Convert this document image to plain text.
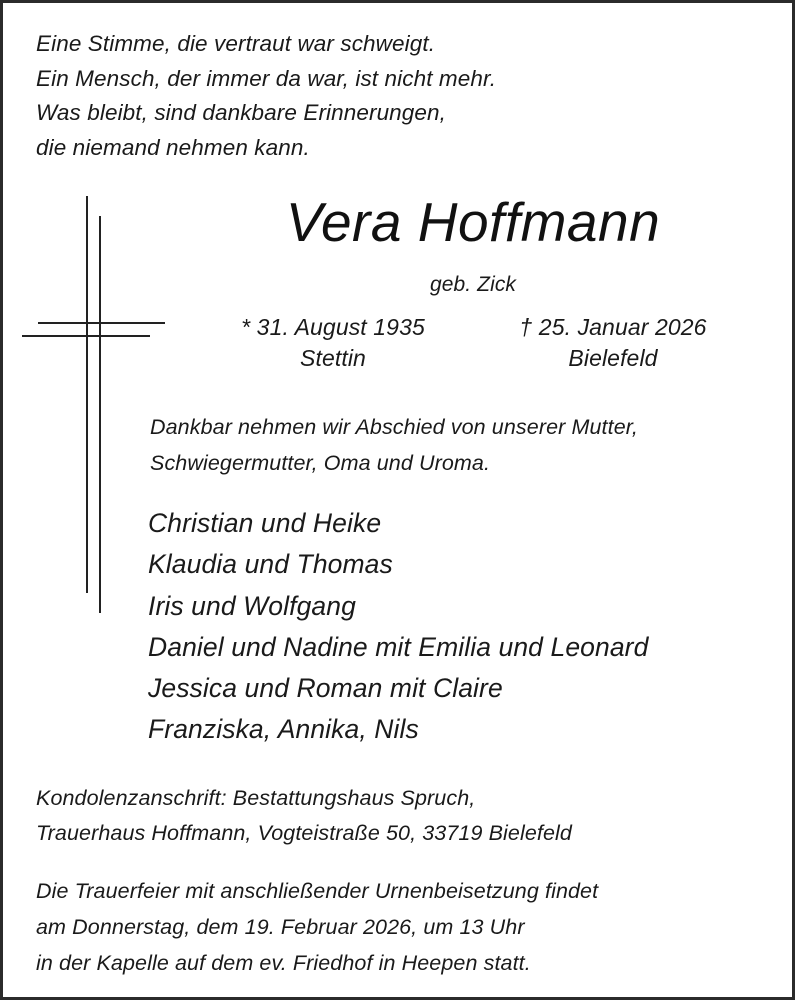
Eine Stimme, die vertraut war schweigt.
Ein Mensch, der immer da war, ist nicht mehr.
Was bleibt, sind dankbare Erinnerungen,
die niemand nehmen kann.
Vera Hoffmann
geb. Zick
* 31. August 1935
Stettin
† 25. Januar 2026
Bielefeld
Dankbar nehmen wir Abschied von unserer Mutter,
Schwiegermutter, Oma und Uroma.
Christian und Heike
Klaudia und Thomas
Iris und Wolfgang
Daniel und Nadine mit Emilia und Leonard
Jessica und Roman mit Claire
Franziska, Annika, Nils
Kondolenzanschrift: Bestattungshaus Spruch,
Trauerhaus Hoffmann, Vogteistraße 50, 33719 Bielefeld
Die Trauerfeier mit anschließender Urnenbeisetzung findet
am Donnerstag, dem 19. Februar 2026, um 13 Uhr
in der Kapelle auf dem ev. Friedhof in Heepen statt.
